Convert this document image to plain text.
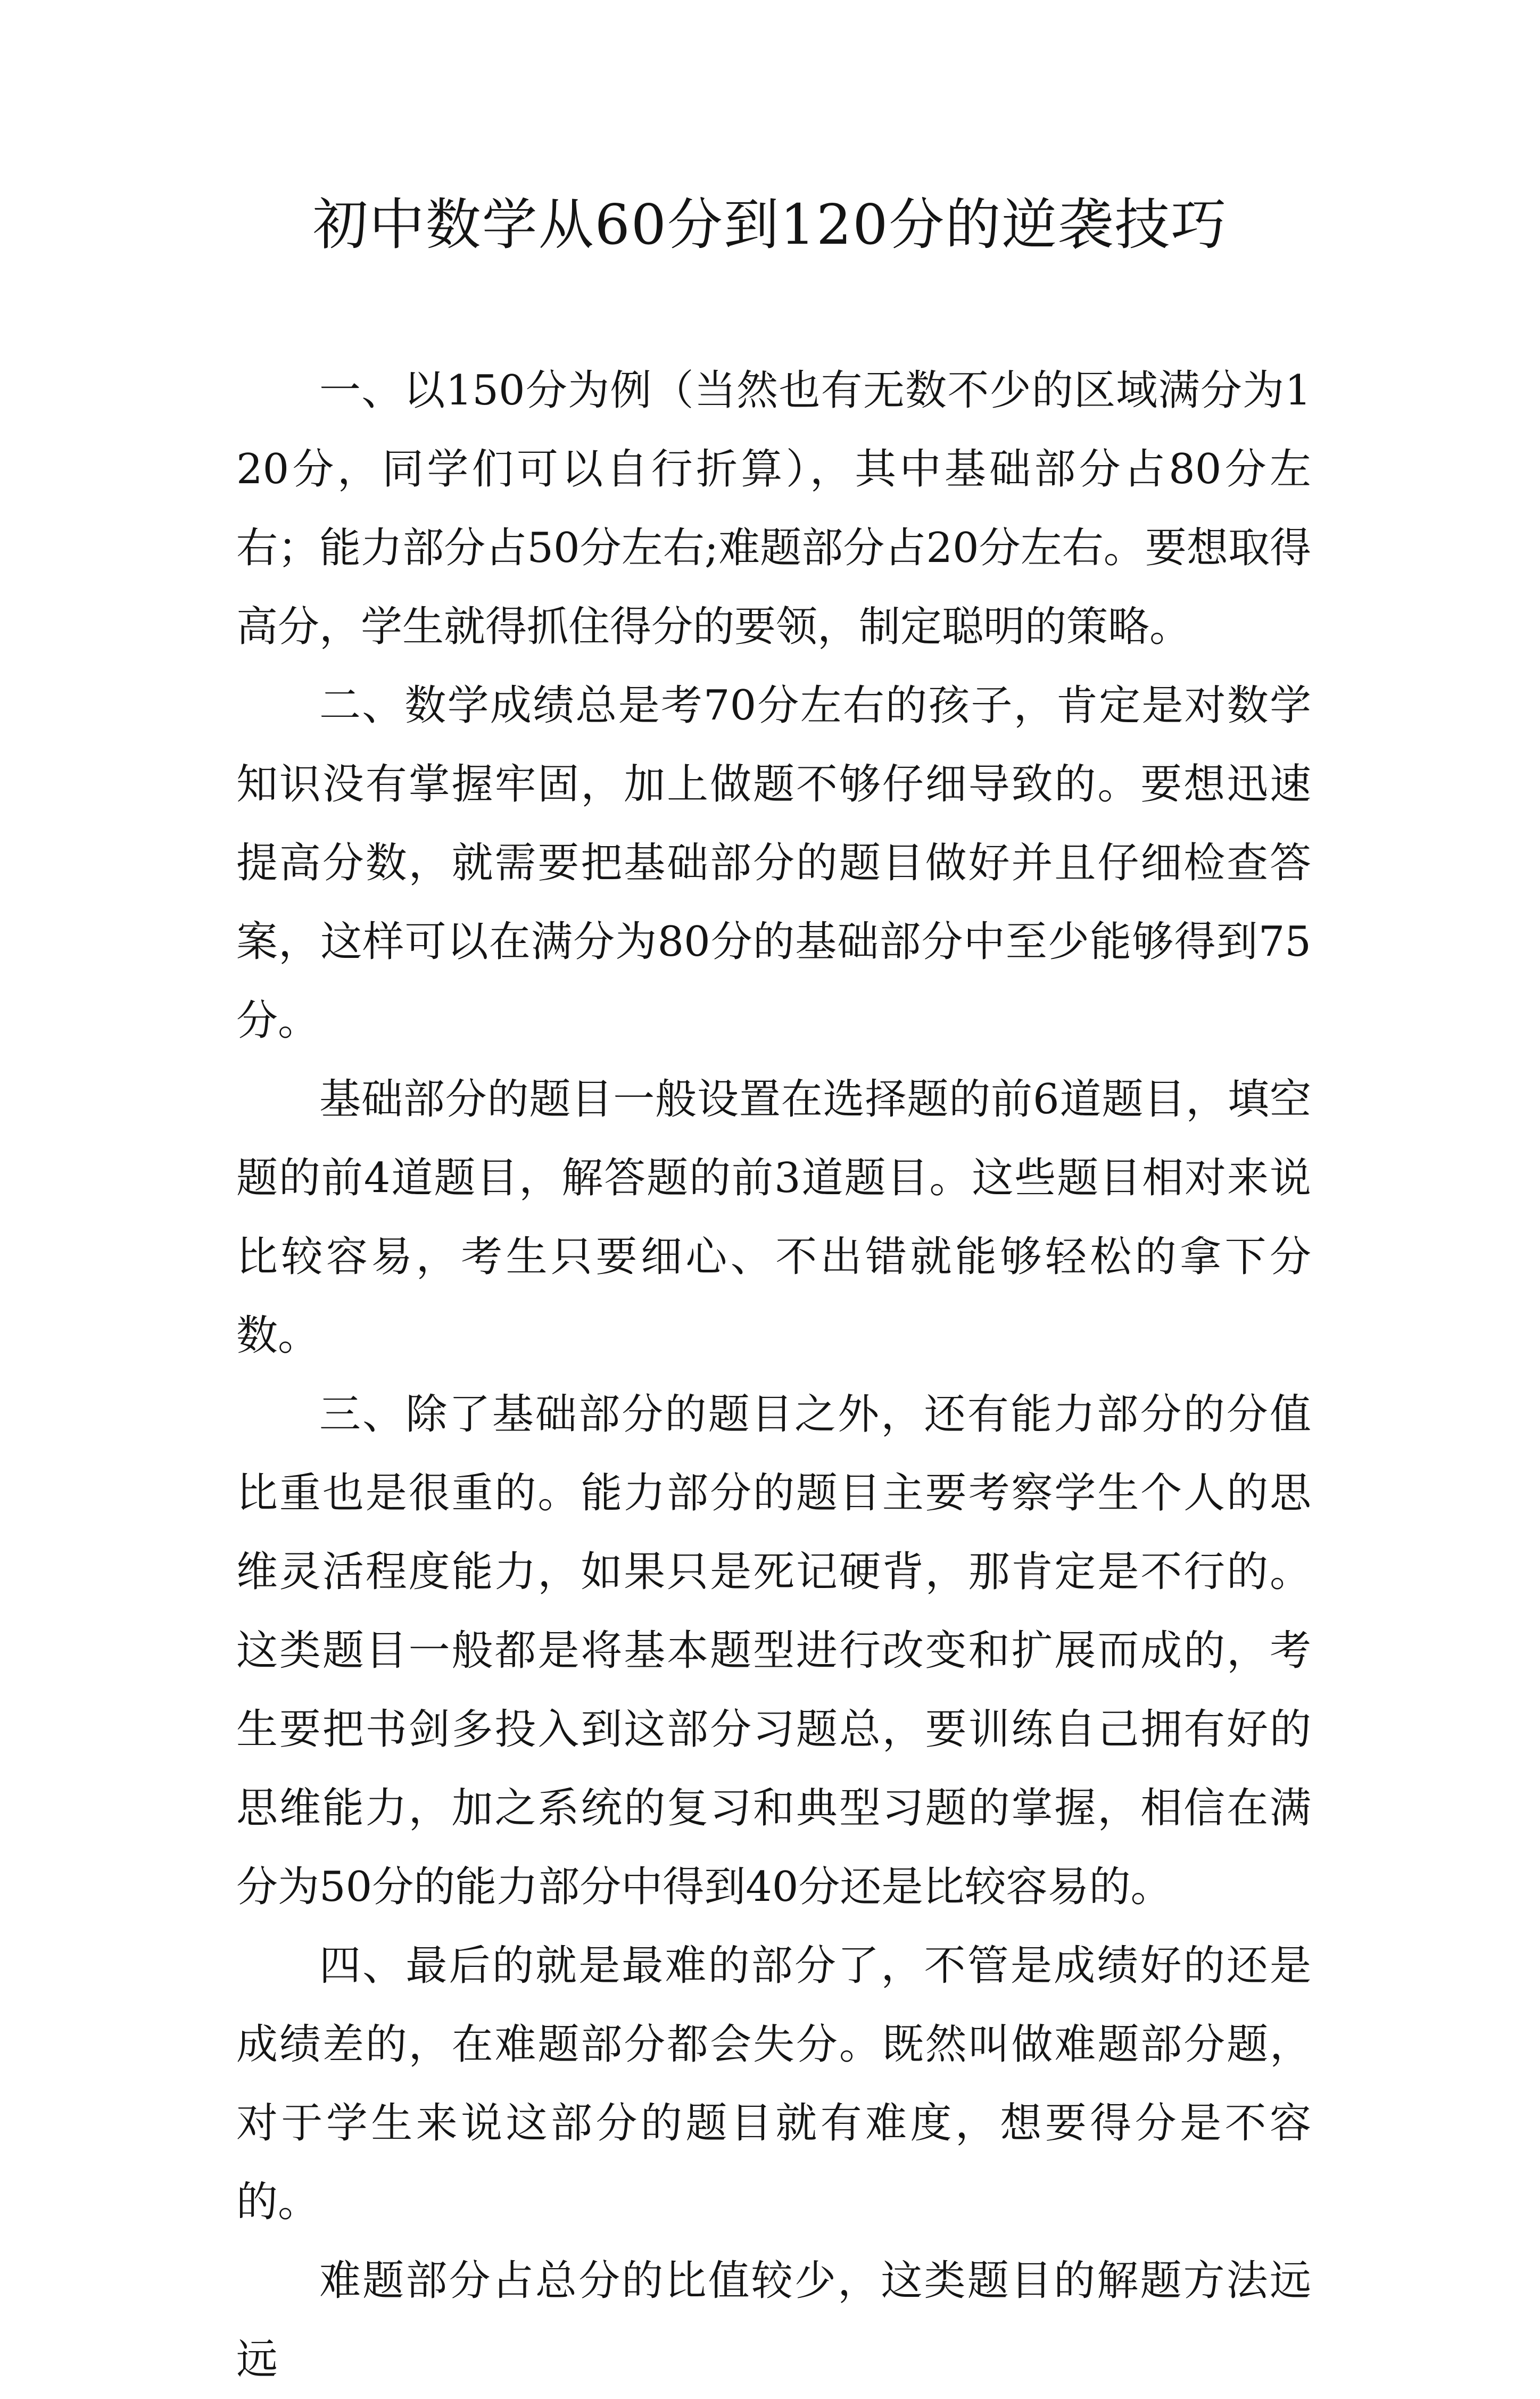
初中数学从60分到120分的逆袭技巧

一、以150分为例（当然也有无数不少的区域满分为120分，同学们可以自行折算），其中基础部分占80分左右；能力部分占50分左右;难题部分占20分左右。要想取得高分，学生就得抓住得分的要领，制定聪明的策略。

二、数学成绩总是考70分左右的孩子，肯定是对数学知识没有掌握牢固，加上做题不够仔细导致的。要想迅速提高分数，就需要把基础部分的题目做好并且仔细检查答案，这样可以在满分为80分的基础部分中至少能够得到75分。

基础部分的题目一般设置在选择题的前6道题目，填空题的前4道题目，解答题的前3道题目。这些题目相对来说比较容易，考生只要细心、不出错就能够轻松的拿下分数。

三、除了基础部分的题目之外，还有能力部分的分值比重也是很重的。能力部分的题目主要考察学生个人的思维灵活程度能力，如果只是死记硬背，那肯定是不行的。这类题目一般都是将基本题型进行改变和扩展而成的，考生要把书剑多投入到这部分习题总，要训练自己拥有好的思维能力，加之系统的复习和典型习题的掌握，相信在满分为50分的能力部分中得到40分还是比较容易的。

四、最后的就是最难的部分了，不管是成绩好的还是成绩差的，在难题部分都会失分。既然叫做难题部分题，对于学生来说这部分的题目就有难度，想要得分是不容的。

难题部分占总分的比值较少，这类题目的解题方法远远
